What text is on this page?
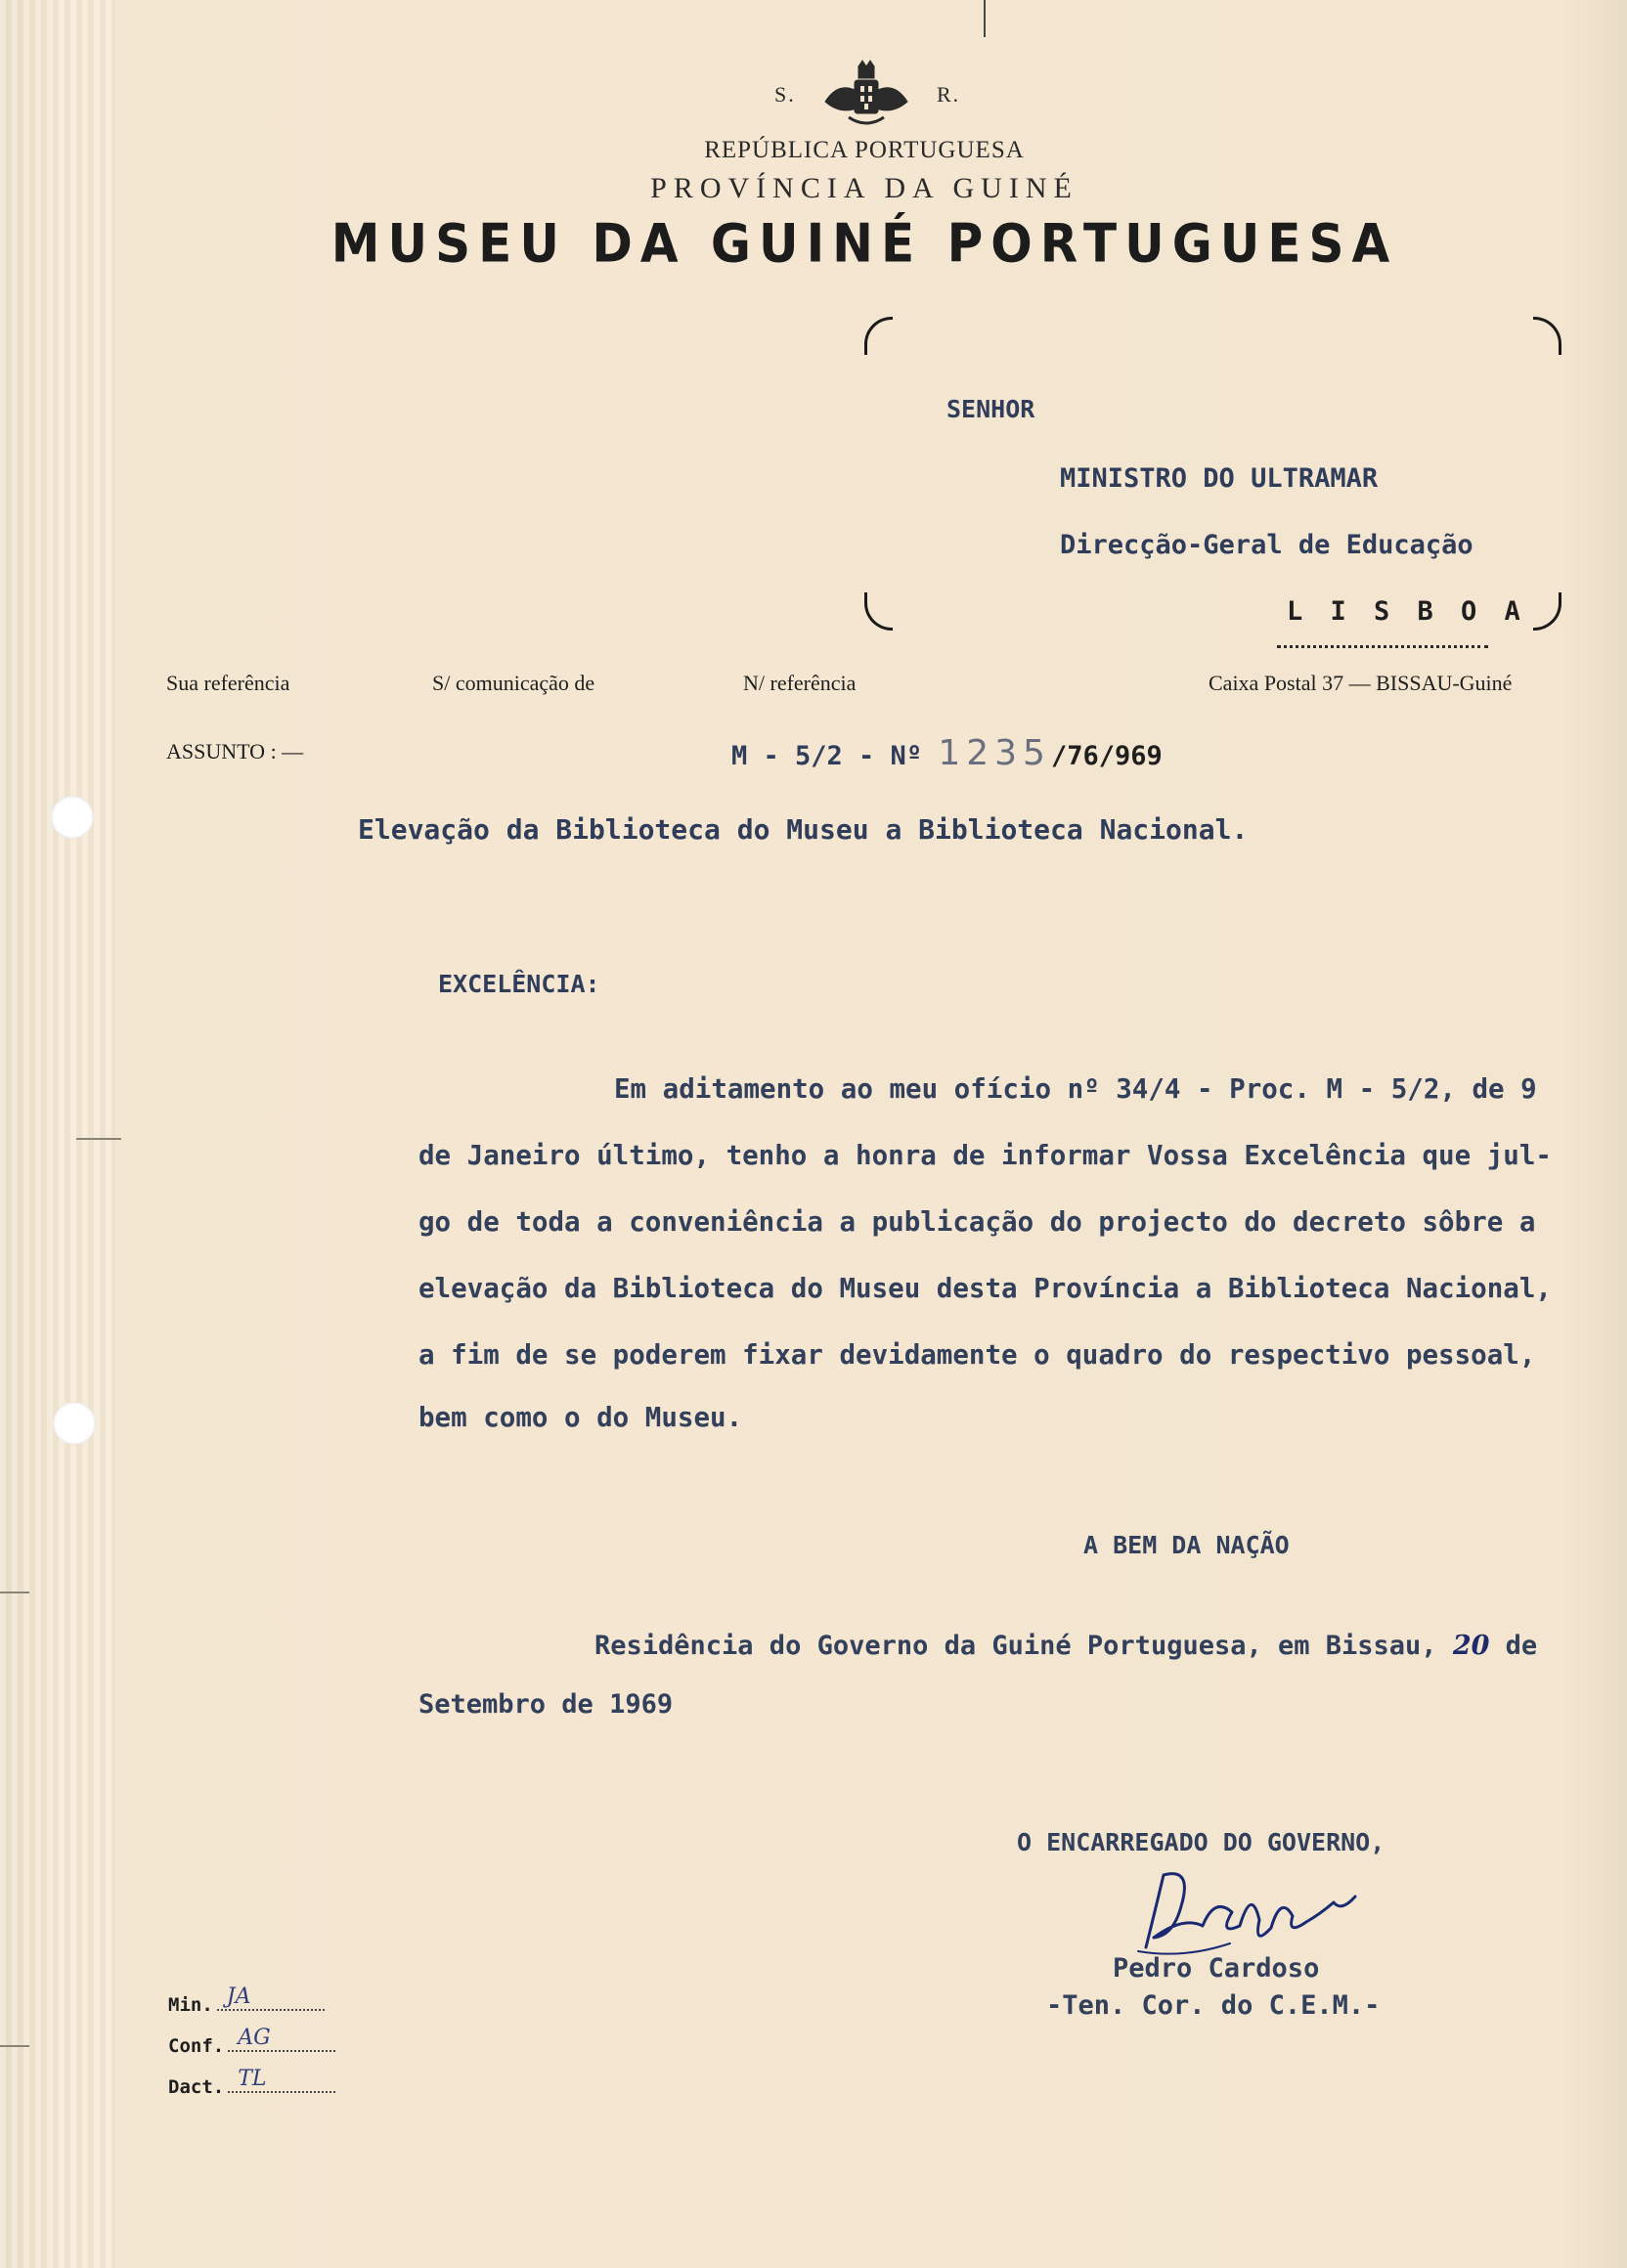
S.	R.
REPÚBLICA PORTUGUESA
PROVÍNCIA DA GUINÉ
MUSEU DA GUINÉ PORTUGUESA
SENHOR
MINISTRO DO ULTRAMAR
Direcção-Geral de Educação
L I S B O A
Sua referência	S/ comunicação de	N/ referência	Caixa Postal 37 — BISSAU-Guiné
ASSUNTO : —	M - 5/2 - Nº 1235/76/969
Elevação da Biblioteca do Museu a Biblioteca Nacional.
EXCELÊNCIA:
Em aditamento ao meu ofício nº 34/4 - Proc. M - 5/2, de 9
de Janeiro último, tenho a honra de informar Vossa Excelência que jul-
go de toda a conveniência a publicação do projecto do decreto sôbre a
elevação da Biblioteca do Museu desta Província a Biblioteca Nacional,
a fim de se poderem fixar devidamente o quadro do respectivo pessoal,
bem como o do Museu.
A BEM DA NAÇÃO
Residência do Governo da Guiné Portuguesa, em Bissau, 20 de
Setembro de 1969
O ENCARREGADO DO GOVERNO,
Pedro Cardoso
-Ten. Cor. do C.E.M.-
Min. JA
Conf. AG
Dact. TL
